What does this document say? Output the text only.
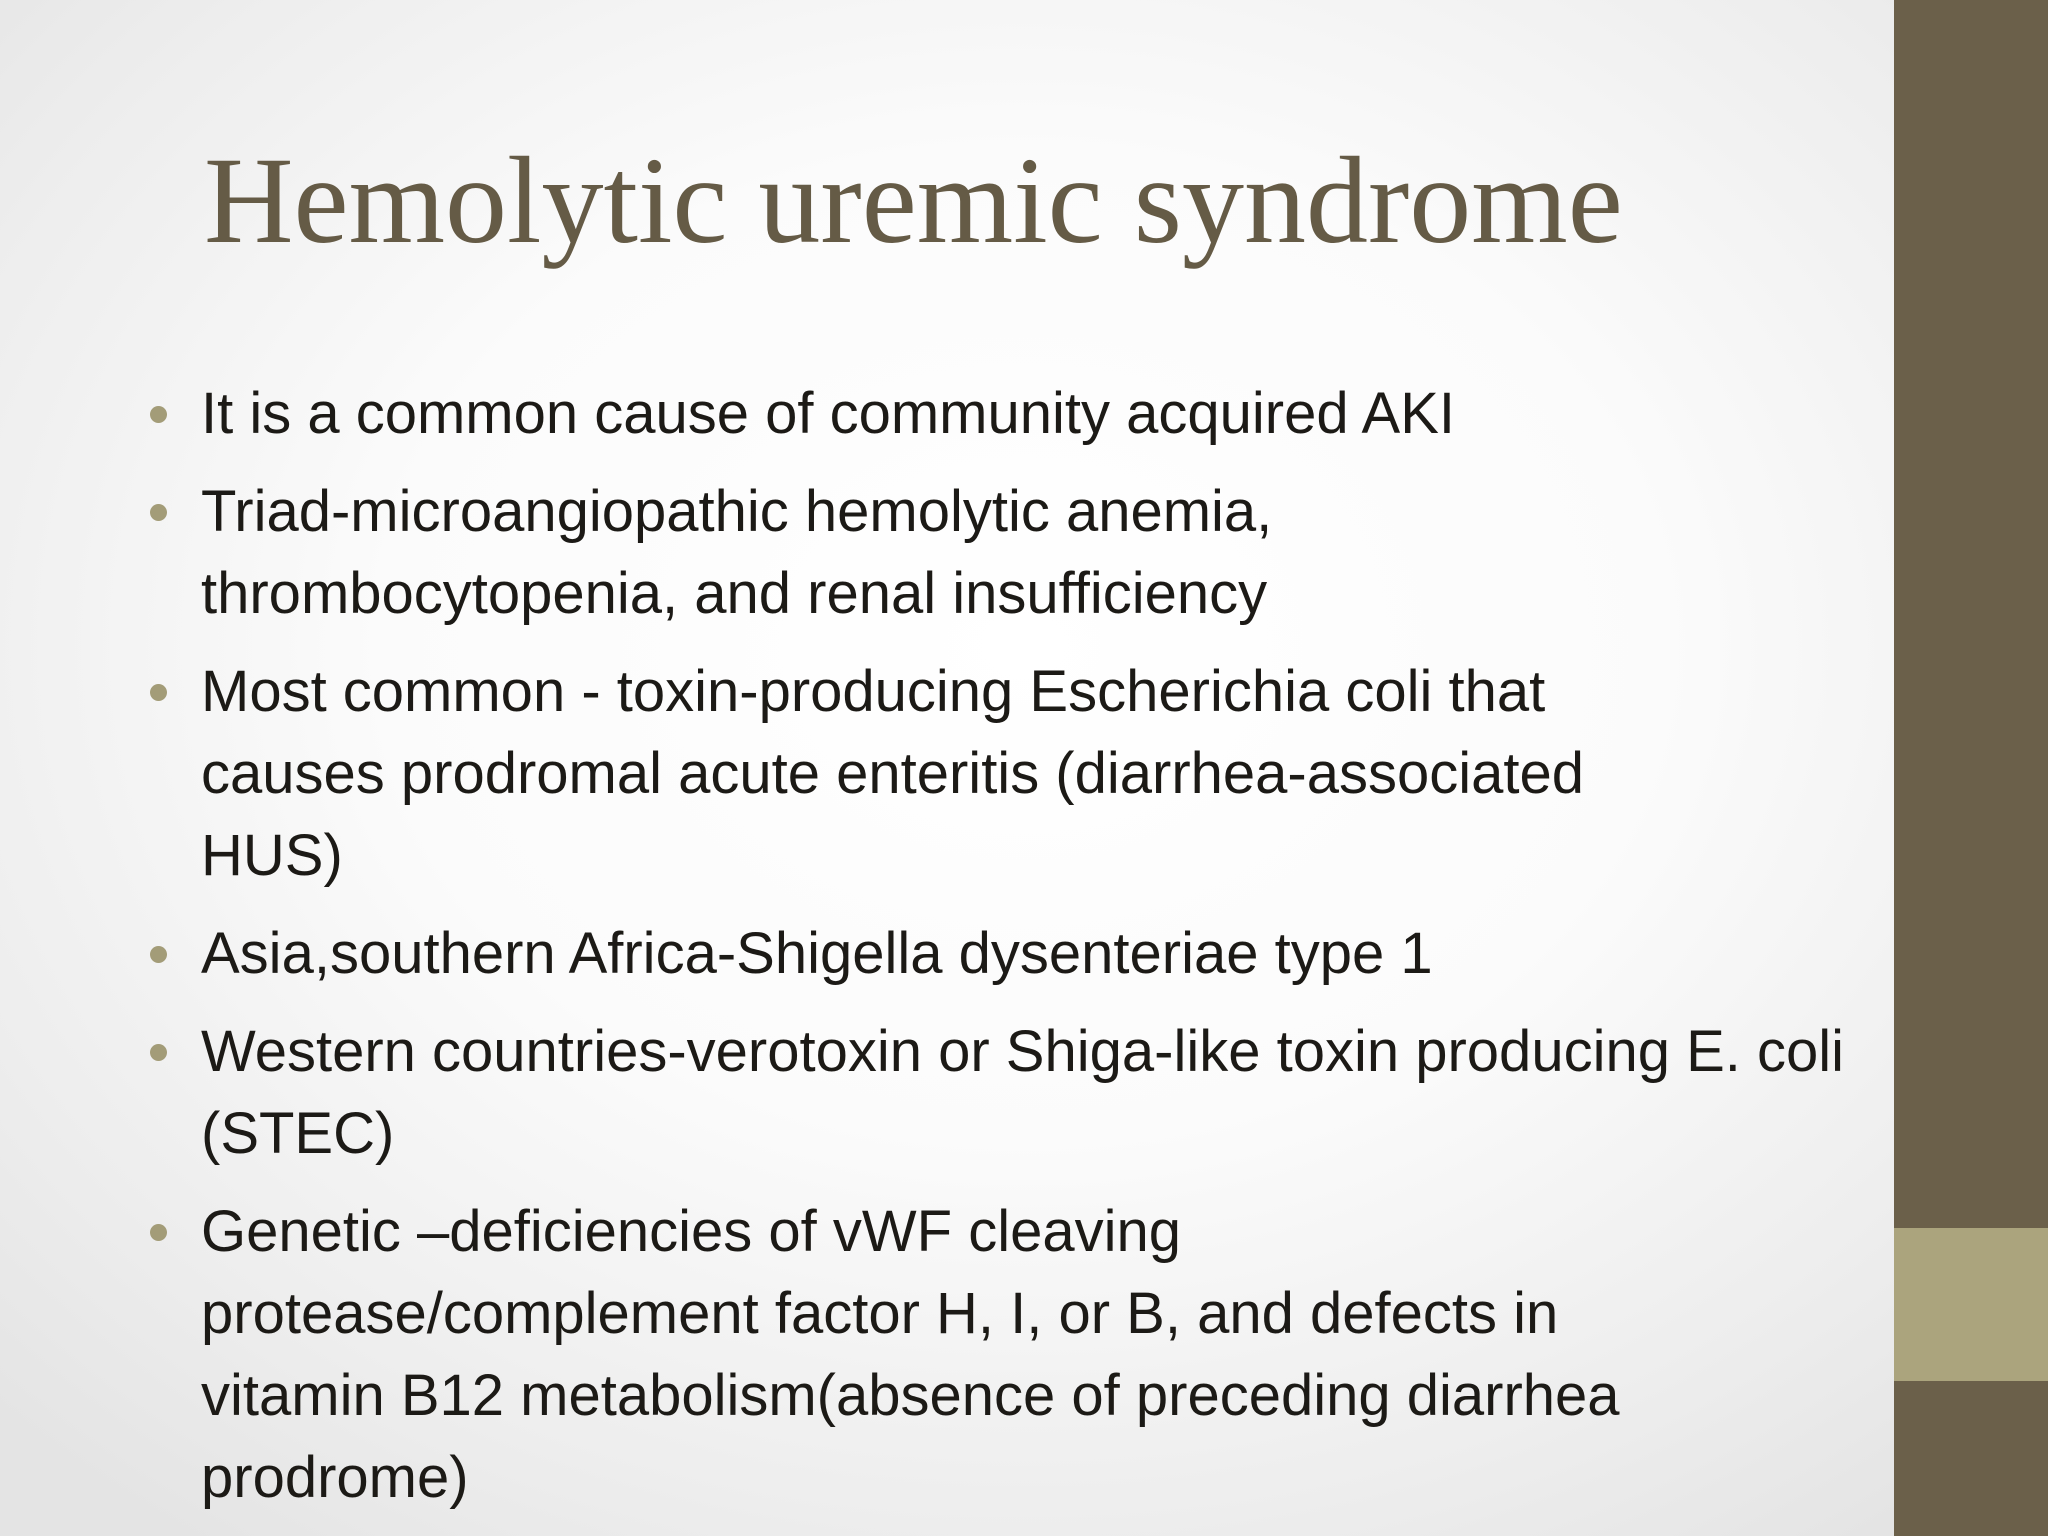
Hemolytic uremic syndrome
It is a common cause of community acquired AKI
Triad-microangiopathic hemolytic anemia, thrombocytopenia, and renal insufficiency
Most common - toxin-producing Escherichia coli that causes prodromal acute enteritis (diarrhea-associated HUS)
Asia,southern Africa-Shigella dysenteriae type 1
Western countries-verotoxin or Shiga-like toxin producing E. coli (STEC)
Genetic –deficiencies of vWF cleaving protease/complement factor H, I, or B, and defects in vitamin B12 metabolism(absence of preceding diarrhea prodrome)
